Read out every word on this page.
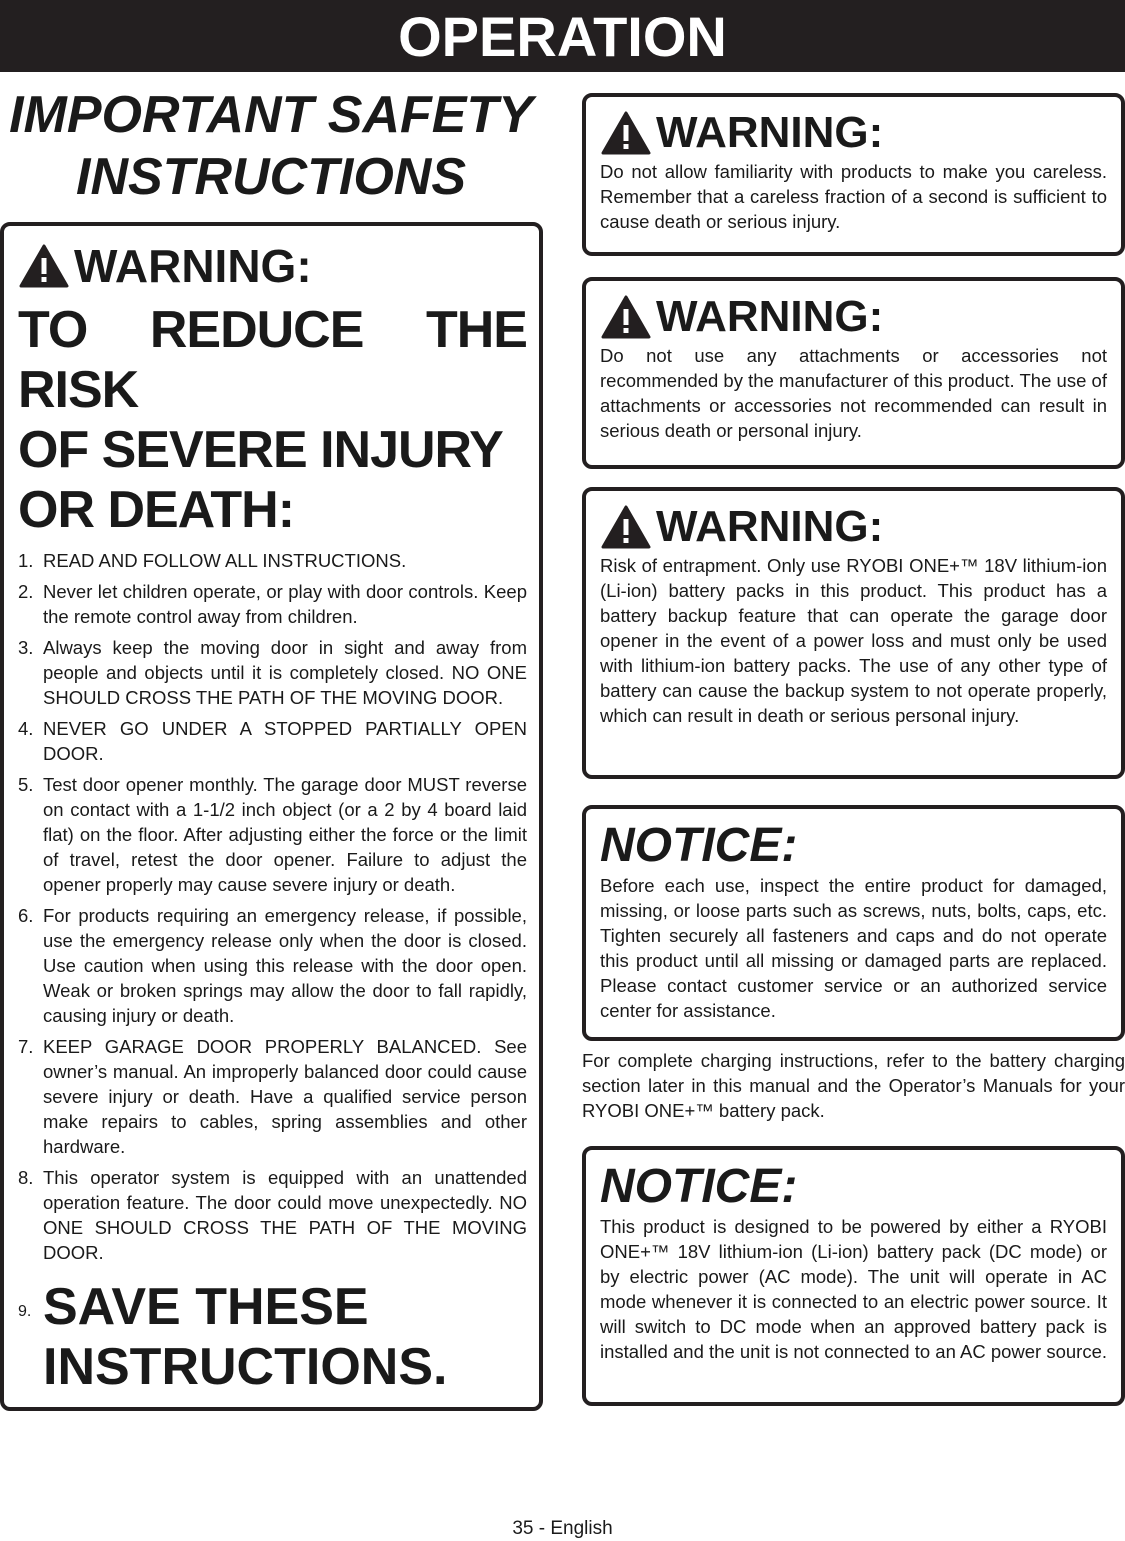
OPERATION
IMPORTANT SAFETY
INSTRUCTIONS
WARNING:
TO REDUCE THE RISK
OF SEVERE INJURY
OR DEATH:
1. READ AND FOLLOW ALL INSTRUCTIONS.
2. Never let children operate, or play with door controls. Keep the remote control away from children.
3. Always keep the moving door in sight and away from people and objects until it is completely closed. NO ONE SHOULD CROSS THE PATH OF THE MOVING DOOR.
4. NEVER GO UNDER A STOPPED PARTIALLY OPEN DOOR.
5. Test door opener monthly. The garage door MUST reverse on contact with a 1-1/2 inch object (or a 2 by 4 board laid flat) on the floor. After adjusting either the force or the limit of travel, retest the door opener. Failure to adjust the opener properly may cause severe injury or death.
6. For products requiring an emergency release, if possible, use the emergency release only when the door is closed. Use caution when using this release with the door open. Weak or broken springs may allow the door to fall rapidly, causing injury or death.
7. KEEP GARAGE DOOR PROPERLY BALANCED. See owner’s manual. An improperly balanced door could cause severe injury or death. Have a qualified service person make repairs to cables, spring assemblies and other hardware.
8. This operator system is equipped with an unattended operation feature. The door could move unexpectedly. NO ONE SHOULD CROSS THE PATH OF THE MOVING DOOR.
9. SAVE THESE
INSTRUCTIONS.
WARNING:
Do not allow familiarity with products to make you careless. Remember that a careless fraction of a second is sufficient to cause death or serious injury.
WARNING:
Do not use any attachments or accessories not recommended by the manufacturer of this product. The use of attachments or accessories not recommended can result in serious death or personal injury.
WARNING:
Risk of entrapment. Only use RYOBI ONE+™ 18V lithium-ion (Li-ion) battery packs in this product. This product has a battery backup feature that can operate the garage door opener in the event of a power loss and must only be used with lithium-ion battery packs. The use of any other type of battery can cause the backup system to not operate properly, which can result in death or serious personal injury.
NOTICE:
Before each use, inspect the entire product for damaged, missing, or loose parts such as screws, nuts, bolts, caps, etc. Tighten securely all fasteners and caps and do not operate this product until all missing or damaged parts are replaced. Please contact customer service or an authorized service center for assistance.
For complete charging instructions, refer to the battery charging section later in this manual and the Operator’s Manuals for your RYOBI ONE+™ battery pack.
NOTICE:
This product is designed to be powered by either a RYOBI ONE+™ 18V lithium-ion (Li-ion) battery pack (DC mode) or by electric power (AC mode). The unit will operate in AC mode whenever it is connected to an electric power source. It will switch to DC mode when an approved battery pack is installed and the unit is not connected to an AC power source.
35 - English
